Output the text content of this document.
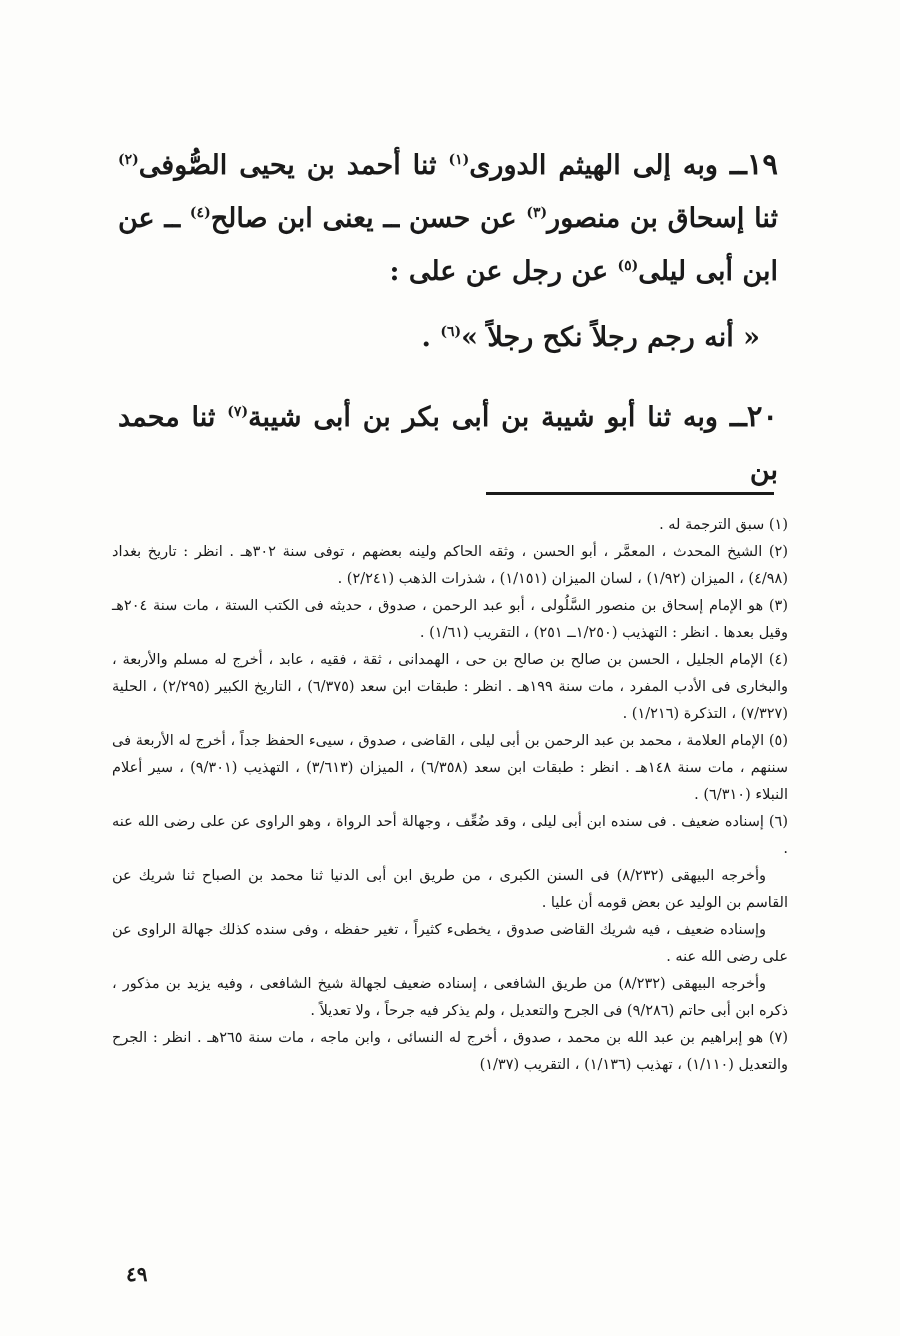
١٩ــ وبه إلى الهيثم الدورى$^{(١)}$ ثنا أحمد بن يحيى الصُّوفى$^{(٢)}$ ثنا إسحاق بن منصور$^{(٣)}$ عن حسن ــ يعنى ابن صالح$^{(٤)}$ ــ عن ابن أبى ليلى$^{(٥)}$ عن رجل عن على :
« أنه رجم رجلاً نكح رجلاً »$^{(٦)}$ .
٢٠ــ وبه ثنا أبو شيبة بن أبى بكر بن أبى شيبة$^{(٧)}$ ثنا محمد بن

(١) سبق الترجمة له .

(٢) الشيخ المحدث ، المعمَّر ، أبو الحسن ، وثقه الحاكم ولينه بعضهم ، توفى سنة ٣٠٢هـ . انظر : تاريخ بغداد (٤/٩٨) ، الميزان (١/٩٢) ، لسان الميزان (١/١٥١) ، شذرات الذهب (٢/٢٤١) .

(٣) هو الإمام إسحاق بن منصور السَّلُولى ، أبو عبد الرحمن ، صدوق ، حديثه فى الكتب الستة ، مات سنة ٢٠٤هـ وقيل بعدها . انظر : التهذيب (١/٢٥٠ــ ٢٥١) ، التقريب (١/٦١) .

(٤) الإمام الجليل ، الحسن بن صالح بن صالح بن حى ، الهمدانى ، ثقة ، فقيه ، عابد ، أخرج له مسلم والأربعة ، والبخارى فى الأدب المفرد ، مات سنة ١٩٩هـ . انظر : طبقات ابن سعد (٦/٣٧٥) ، التاريخ الكبير (٢/٢٩٥) ، الحلية (٧/٣٢٧) ، التذكرة (١/٢١٦) .

(٥) الإمام العلامة ، محمد بن عبد الرحمن بن أبى ليلى ، القاضى ، صدوق ، سيىء الحفظ جداً ، أخرج له الأربعة فى سننهم ، مات سنة ١٤٨هـ . انظر : طبقات ابن سعد (٦/٣٥٨) ، الميزان (٣/٦١٣) ، التهذيب (٩/٣٠١) ، سير أعلام النبلاء (٦/٣١٠) .

(٦) إسناده ضعيف . فى سنده ابن أبى ليلى ، وقد ضُعِّف ، وجهالة أحد الرواة ، وهو الراوى عن على رضى الله عنه .

وأخرجه البيهقى (٨/٢٣٢) فى السنن الكبرى ، من طريق ابن أبى الدنيا ثنا محمد بن الصباح ثنا شريك عن القاسم بن الوليد عن بعض قومه أن عليا .

وإسناده ضعيف ، فيه شريك القاضى صدوق ، يخطىء كثيراً ، تغير حفظه ، وفى سنده كذلك جهالة الراوى عن على رضى الله عنه .

وأخرجه البيهقى (٨/٢٣٢) من طريق الشافعى ، إسناده ضعيف لجهالة شيخ الشافعى ، وفيه يزيد بن مذكور ، ذكره ابن أبى حاتم (٩/٢٨٦) فى الجرح والتعديل ، ولم يذكر فيه جرحاً ، ولا تعديلاً .

(٧) هو إبراهيم بن عبد الله بن محمد ، صدوق ، أخرج له النسائى ، وابن ماجه ، مات سنة ٢٦٥هـ . انظر : الجرح والتعديل (١/١١٠) ، تهذيب (١/١٣٦) ، التقريب (١/٣٧)

٤٩
